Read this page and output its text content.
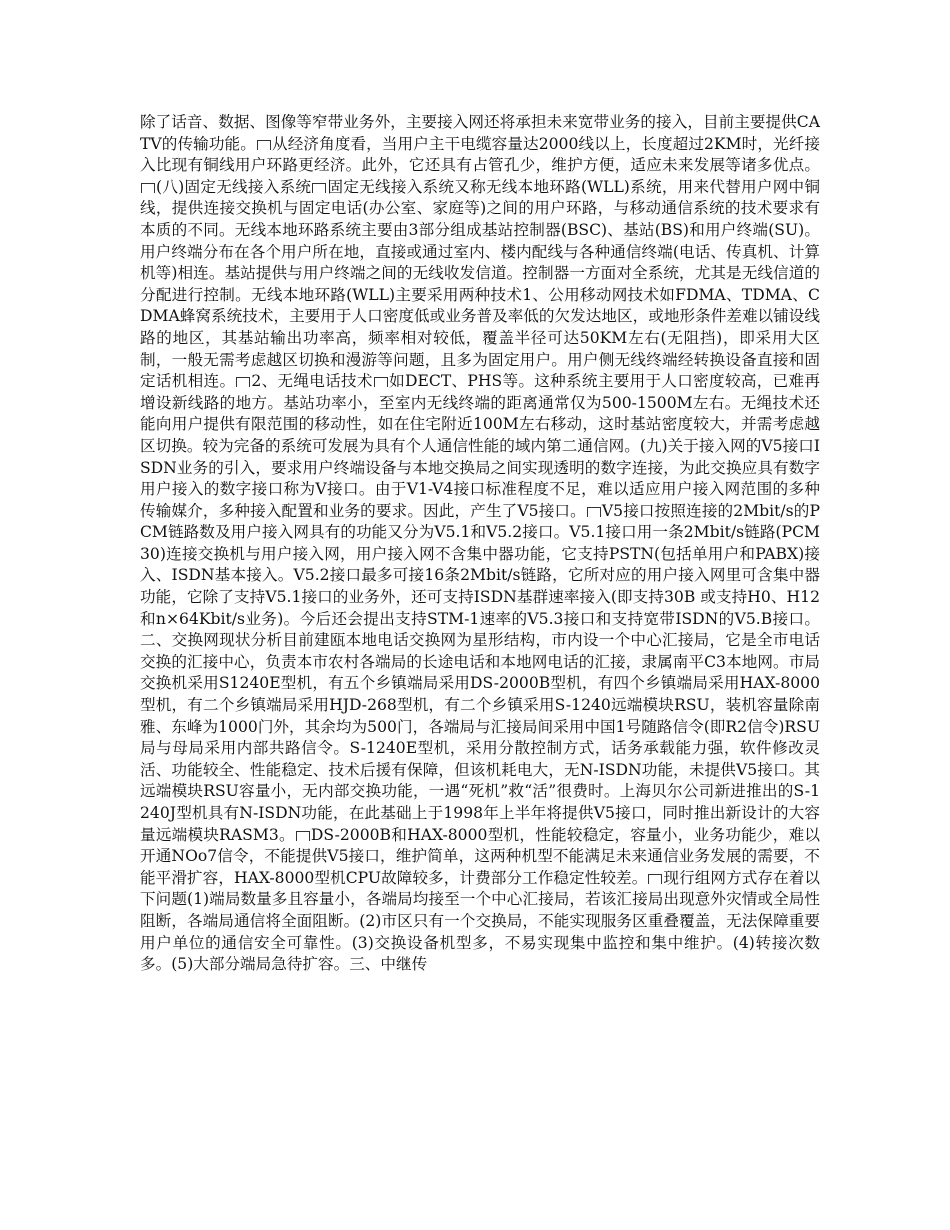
除了话音、数据、图像等窄带业务外，主要接入网还将承担未来宽带业务的接入，目前主要提供CATV的传输功能。 从经济角度看，当用户主干电缆容量达2000线以上，长度超过2KM时，光纤接入比现有铜线用户环路更经济。此外，它还具有占管孔少，维护方便，适应未来发展等诸多优点。(八)固定无线接入系统 固定无线接入系统又称无线本地环路(WLL)系统，用来代替用户网中铜线，提供连接交换机与固定电话(办公室、家庭等)之间的用户环路，与移动通信系统的技术要求有本质的不同。无线本地环路系统主要由3部分组成基站控制器(BSC)、基站(BS)和用户终端(SU)。用户终端分布在各个用户所在地，直接或通过室内、楼内配线与各种通信终端(电话、传真机、计算机等)相连。基站提供与用户终端之间的无线收发信道。控制器一方面对全系统，尤其是无线信道的分配进行控制。无线本地环路(WLL)主要采用两种技术1、公用移动网技术如FDMA、TDMA、CDMA蜂窝系统技术，主要用于人口密度低或业务普及率低的欠发达地区，或地形条件差难以铺设线路的地区，其基站输出功率高，频率相对较低，覆盖半径可达50KM左右(无阻挡)，即采用大区制，一般无需考虑越区切换和漫游等问题，且多为固定用户。用户侧无线终端经转换设备直接和固定话机相连。 2、无绳电话技术 如DECT、PHS等。这种系统主要用于人口密度较高，已难再增设新线路的地方。基站功率小，至室内无线终端的距离通常仅为500-1500M左右。无绳技术还能向用户提供有限范围的移动性，如在住宅附近100M左右移动，这时基站密度较大，并需考虑越区切换。较为完备的系统可发展为具有个人通信性能的域内第二通信网。(九)关于接入网的V5接口ISDN业务的引入，要求用户终端设备与本地交换局之间实现透明的数字连接，为此交换应具有数字用户接入的数字接口称为V接口。由于V1-V4接口标准程度不足，难以适应用户接入网范围的多种传输媒介，多种接入配置和业务的要求。因此，产生了V5接口。 V5接口按照连接的2Mbit/s的PCM链路数及用户接入网具有的功能又分为V5.1和V5.2接口。V5.1接口用一条2Mbit/s链路(PCM30)连接交换机与用户接入网，用户接入网不含集中器功能，它支持PSTN(包括单用户和PABX)接入、ISDN基本接入。V5.2接口最多可接16条2Mbit/s链路，它所对应的用户接入网里可含集中器功能，它除了支持V5.1接口的业务外，还可支持ISDN基群速率接入(即支持30B 或支持H0、H12和n×64Kbit/s业务)。今后还会提出支持STM-1速率的V5.3接口和支持宽带ISDN的V5.B接口。二、交换网现状分析目前建瓯本地电话交换网为星形结构，市内设一个中心汇接局，它是全市电话交换的汇接中心，负责本市农村各端局的长途电话和本地网电话的汇接，隶属南平C3本地网。市局交换机采用S1240E型机，有五个乡镇端局采用DS-2000B型机，有四个乡镇端局采用HAX-8000型机，有二个乡镇端局采用HJD-268型机，有二个乡镇采用S-1240远端模块RSU，装机容量除南雅、东峰为1000门外，其余均为500门，各端局与汇接局间采用中国1号随路信令(即R2信令)RSU局与母局采用内部共路信令。S-1240E型机，采用分散控制方式，话务承载能力强，软件修改灵活、功能较全、性能稳定、技术后援有保障，但该机耗电大，无N-ISDN功能，未提供V5接口。其远端模块RSU容量小，无内部交换功能，一遇“死机”救“活”很费时。上海贝尔公司新进推出的S-1240J型机具有N-ISDN功能，在此基础上于1998年上半年将提供V5接口，同时推出新设计的大容量远端模块RASM3。 DS-2000B和HAX-8000型机，性能较稳定，容量小，业务功能少，难以开通NOo7信令，不能提供V5接口，维护简单，这两种机型不能满足未来通信业务发展的需要，不能平滑扩容，HAX-8000型机CPU故障较多，计费部分工作稳定性较差。 现行组网方式存在着以下问题(1)端局数量多且容量小，各端局均接至一个中心汇接局，若该汇接局出现意外灾情或全局性阻断，各端局通信将全面阻断。(2)市区只有一个交换局，不能实现服务区重叠覆盖，无法保障重要用户单位的通信安全可靠性。(3)交换设备机型多，不易实现集中监控和集中维护。(4)转接次数多。(5)大部分端局急待扩容。三、中继传
